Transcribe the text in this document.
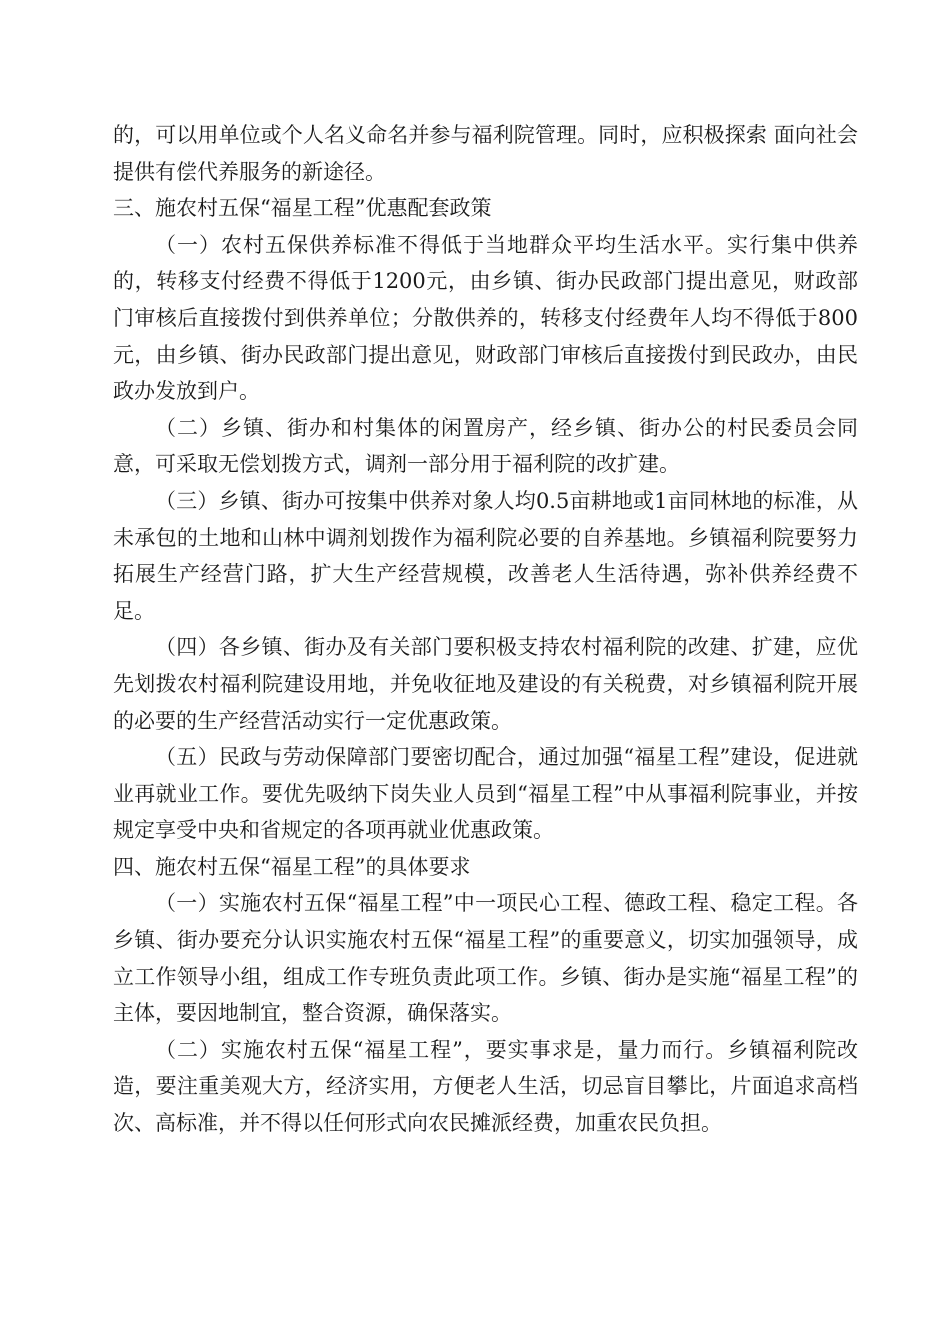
的，可以用单位或个人名义命名并参与福利院管理。同时，应积极探索 面向社会提供有偿代养服务的新途径。

三、施农村五保“福星工程”优惠配套政策

（一）农村五保供养标准不得低于当地群众平均生活水平。实行集中供养的，转移支付经费不得低于1200元，由乡镇、街办民政部门提出意见，财政部门审核后直接拨付到供养单位；分散供养的，转移支付经费年人均不得低于800元，由乡镇、街办民政部门提出意见，财政部门审核后直接拨付到民政办，由民政办发放到户。

（二）乡镇、街办和村集体的闲置房产，经乡镇、街办公的村民委员会同意，可采取无偿划拨方式，调剂一部分用于福利院的改扩建。

（三）乡镇、街办可按集中供养对象人均0.5亩耕地或1亩同林地的标准，从未承包的土地和山林中调剂划拨作为福利院必要的自养基地。乡镇福利院要努力拓展生产经营门路，扩大生产经营规模，改善老人生活待遇，弥补供养经费不足。

（四）各乡镇、街办及有关部门要积极支持农村福利院的改建、扩建，应优先划拨农村福利院建设用地，并免收征地及建设的有关税费，对乡镇福利院开展的必要的生产经营活动实行一定优惠政策。

（五）民政与劳动保障部门要密切配合，通过加强“福星工程”建设，促进就业再就业工作。要优先吸纳下岗失业人员到“福星工程”中从事福利院事业，并按规定享受中央和省规定的各项再就业优惠政策。

四、施农村五保“福星工程”的具体要求

（一）实施农村五保“福星工程”中一项民心工程、德政工程、稳定工程。各乡镇、街办要充分认识实施农村五保“福星工程”的重要意义，切实加强领导，成立工作领导小组，组成工作专班负责此项工作。乡镇、街办是实施“福星工程”的主体，要因地制宜，整合资源，确保落实。

（二）实施农村五保“福星工程”，要实事求是，量力而行。乡镇福利院改造，要注重美观大方，经济实用，方便老人生活，切忌盲目攀比，片面追求高档次、高标准，并不得以任何形式向农民摊派经费，加重农民负担。
